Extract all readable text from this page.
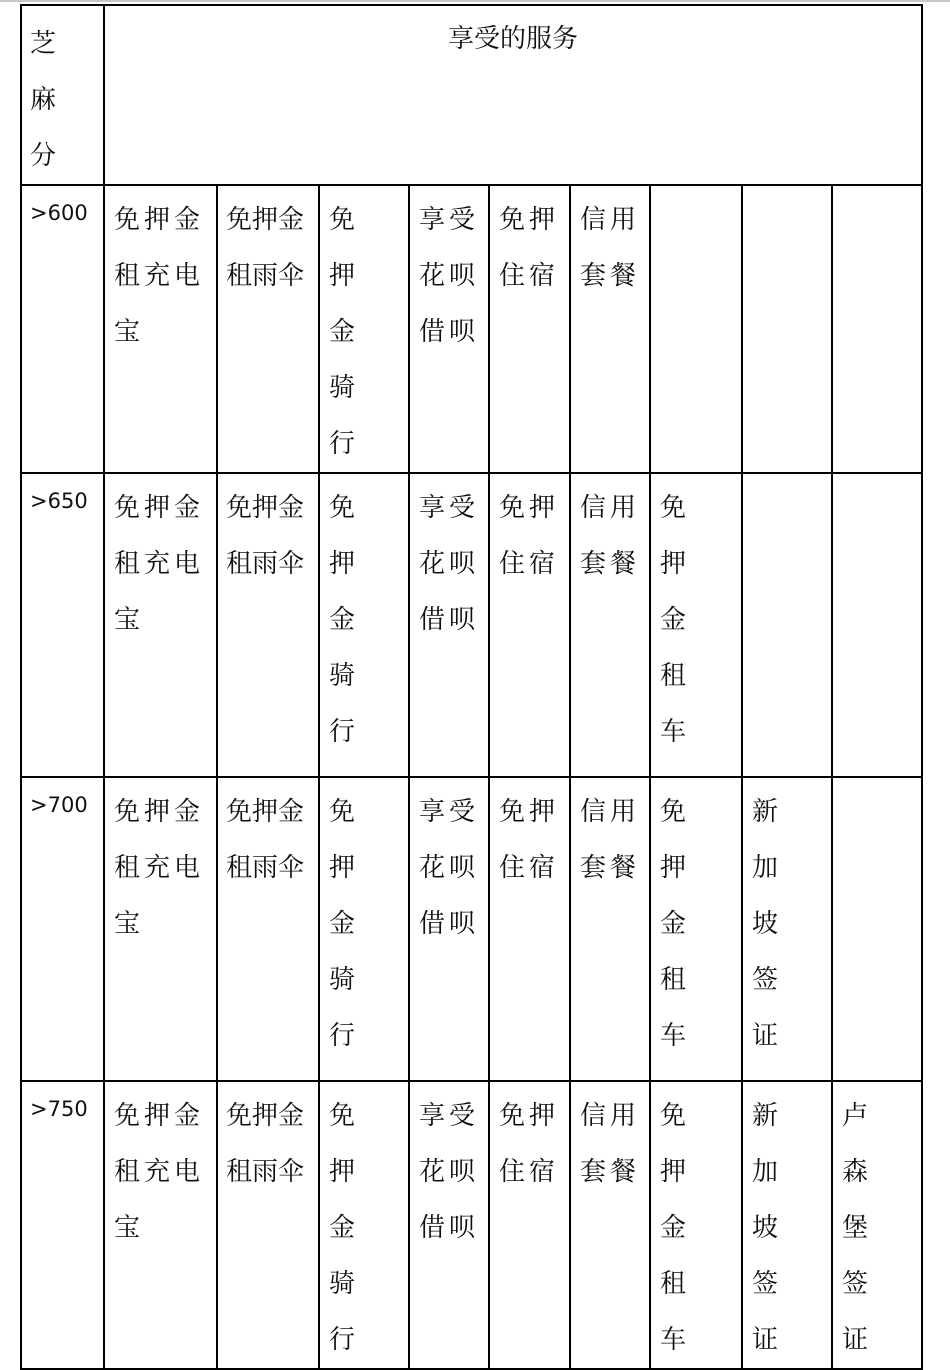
芝麻分	享受的服务								
>600	免押金租充电宝	免押金租雨伞	免押金骑行	享受花呗借呗	免押住宿	信用套餐			
>650	免押金租充电宝	免押金租雨伞	免押金骑行	享受花呗借呗	免押住宿	信用套餐	免押金租车		
>700	免押金租充电宝	免押金租雨伞	免押金骑行	享受花呗借呗	免押住宿	信用套餐	免押金租车	新加坡签证	
>750	免押金租充电宝	免押金租雨伞	免押金骑行	享受花呗借呗	免押住宿	信用套餐	免押金租车	新加坡签证	卢森堡签证
